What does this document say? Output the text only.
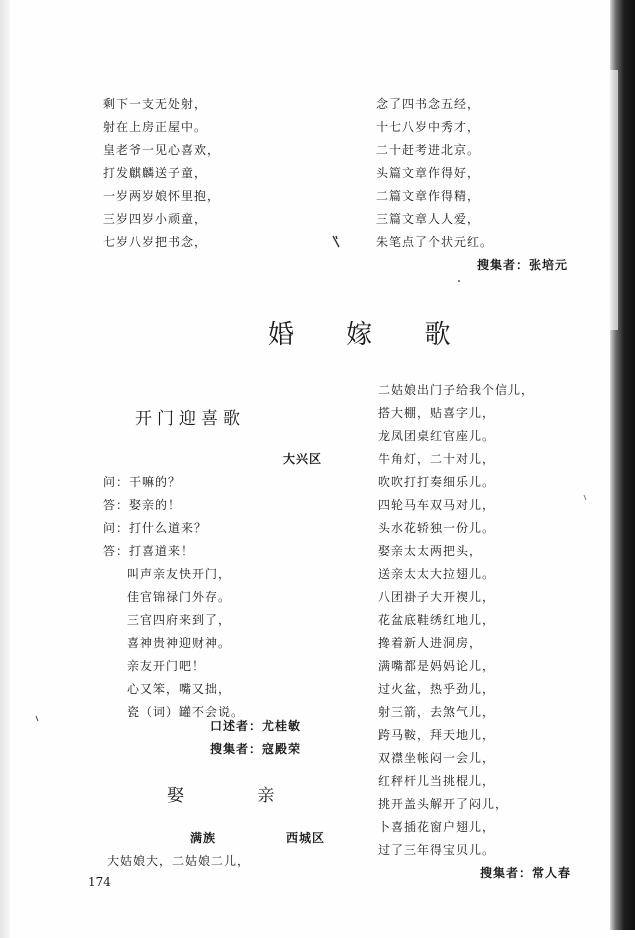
剩下一支无处射，
射在上房正屋中。
皇老爷一见心喜欢，
打发麒麟送子童，
一岁两岁娘怀里抱，
三岁四岁小顽童，
七岁八岁把书念，
念了四书念五经，
十七八岁中秀才，
二十赶考进北京。
头篇文章作得好，
二篇文章作得精，
三篇文章人人爱，
朱笔点了个状元红。
搜集者：张培元
婚 嫁 歌
开门迎喜歌
大兴区
问：干嘛的？
答：娶亲的！
问：打什么道来？
答：打喜道来！
叫声亲友快开门，
佳官锦禄门外存。
三官四府来到了，
喜神贵神迎财神。
亲友开门吧！
心又笨，嘴又拙，
瓷（词）罐不会说。
口述者：尤桂敏
搜集者：寇殿荣
娶 亲
满族	西城区
大姑娘大，二姑娘二儿，
二姑娘出门子给我个信儿，
搭大棚，贴喜字儿，
龙凤团桌红官座儿。
牛角灯，二十对儿，
吹吹打打奏细乐儿。
四轮马车双马对儿，
头水花轿独一份儿。
娶亲太太两把头，
送亲太太大拉翅儿。
八团褂子大开褉儿，
花盆底鞋绣红地儿，
搀着新人进洞房，
满嘴都是妈妈论儿，
过火盆，热乎劲儿，
射三箭，去煞气儿，
跨马鞍，拜天地儿，
双襟坐帐闷一会儿，
红秤杆儿当挑棍儿，
挑开盖头解开了闷儿，
卜喜插花窗户翅儿，
过了三年得宝贝儿。
搜集者：常人春
174
